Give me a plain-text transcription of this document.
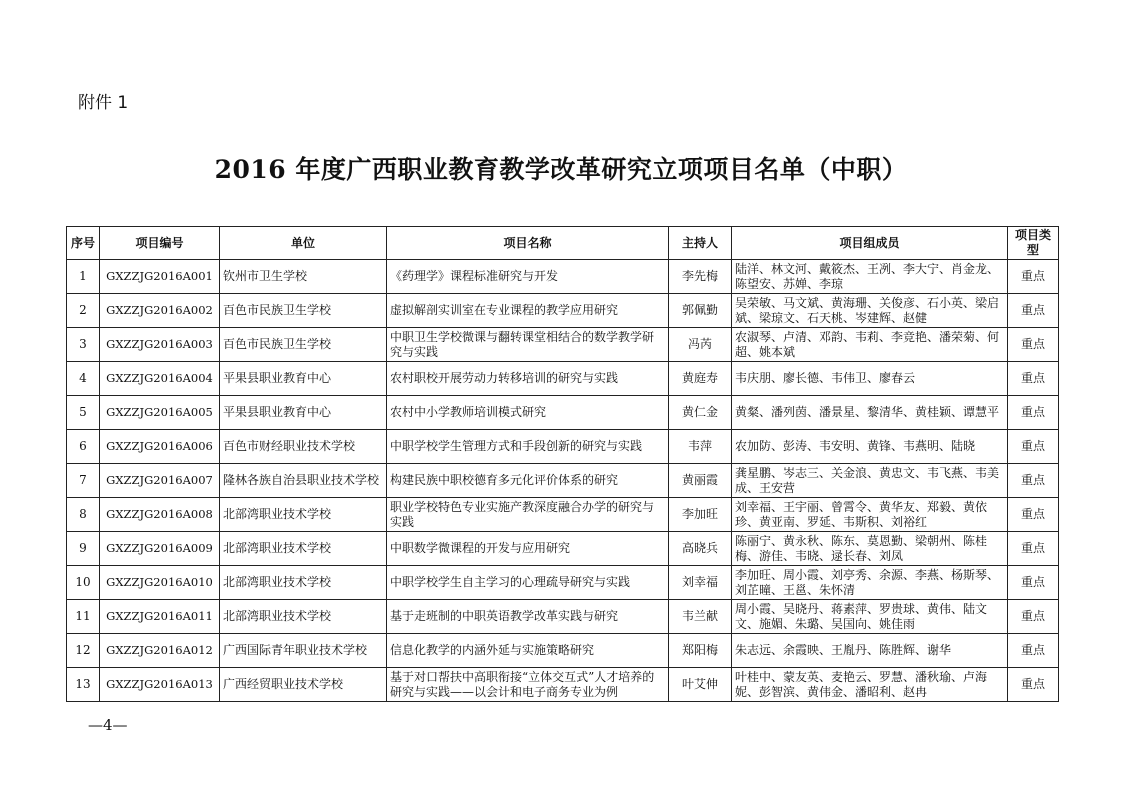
附件 1
2016 年度广西职业教育教学改革研究立项项目名单（中职）
序号	项目编号	单位	项目名称	主持人	项目组成员	项目类型
1	GXZZJG2016A001	钦州市卫生学校	《药理学》课程标准研究与开发	李先梅	陆洋、林文河、戴筱杰、王冽、李大宁、肖金龙、陈望安、苏婵、李琼	重点
2	GXZZJG2016A002	百色市民族卫生学校	虚拟解剖实训室在专业课程的教学应用研究	郭佩勤	吴荣敏、马文斌、黄海珊、关俊彦、石小英、梁启斌、梁琼文、石天桃、岑建辉、赵健	重点
3	GXZZJG2016A003	百色市民族卫生学校	中职卫生学校微课与翻转课堂相结合的数学教学研究与实践	冯芮	农淑琴、卢清、邓韵、韦莉、李竞艳、潘荣菊、何超、姚本斌	重点
4	GXZZJG2016A004	平果县职业教育中心	农村职校开展劳动力转移培训的研究与实践	黄庭寿	韦庆朋、廖长德、韦伟卫、廖春云	重点
5	GXZZJG2016A005	平果县职业教育中心	农村中小学教师培训模式研究	黄仁金	黄粲、潘列茵、潘景星、黎清华、黄桂颖、谭慧平	重点
6	GXZZJG2016A006	百色市财经职业技术学校	中职学校学生管理方式和手段创新的研究与实践	韦萍	农加防、彭涛、韦安明、黄锋、韦燕明、陆晓	重点
7	GXZZJG2016A007	隆林各族自治县职业技术学校	构建民族中职校德育多元化评价体系的研究	黄丽霞	龚星鹏、岑志三、关金浪、黄忠文、韦飞燕、韦美成、王安营	重点
8	GXZZJG2016A008	北部湾职业技术学校	职业学校特色专业实施产教深度融合办学的研究与实践	李加旺	刘幸福、王宇丽、曾霄令、黄华友、郑毅、黄依珍、黄亚南、罗延、韦斯积、刘裕红	重点
9	GXZZJG2016A009	北部湾职业技术学校	中职数学微课程的开发与应用研究	高晓兵	陈丽宁、黄永秋、陈东、莫恩勤、梁朝州、陈桂梅、游佳、韦晓、逯长春、刘凤	重点
10	GXZZJG2016A010	北部湾职业技术学校	中职学校学生自主学习的心理疏导研究与实践	刘幸福	李加旺、周小霞、刘亭秀、余源、李燕、杨斯琴、刘芷曈、王邕、朱怀清	重点
11	GXZZJG2016A011	北部湾职业技术学校	基于走班制的中职英语教学改革实践与研究	韦兰献	周小霞、吴晓丹、蒋素萍、罗贵球、黄伟、陆文文、施媚、朱璐、吴国向、姚佳雨	重点
12	GXZZJG2016A012	广西国际青年职业技术学校	信息化教学的内涵外延与实施策略研究	郑阳梅	朱志远、余霞映、王胤丹、陈胜辉、谢华	重点
13	GXZZJG2016A013	广西经贸职业技术学校	基于对口帮扶中高职衔接“立体交互式”人才培养的研究与实践——以会计和电子商务专业为例	叶艾伸	叶桂中、蒙友英、麦艳云、罗慧、潘秋瑜、卢海妮、彭智滨、黄伟金、潘昭利、赵冉	重点
—4—
